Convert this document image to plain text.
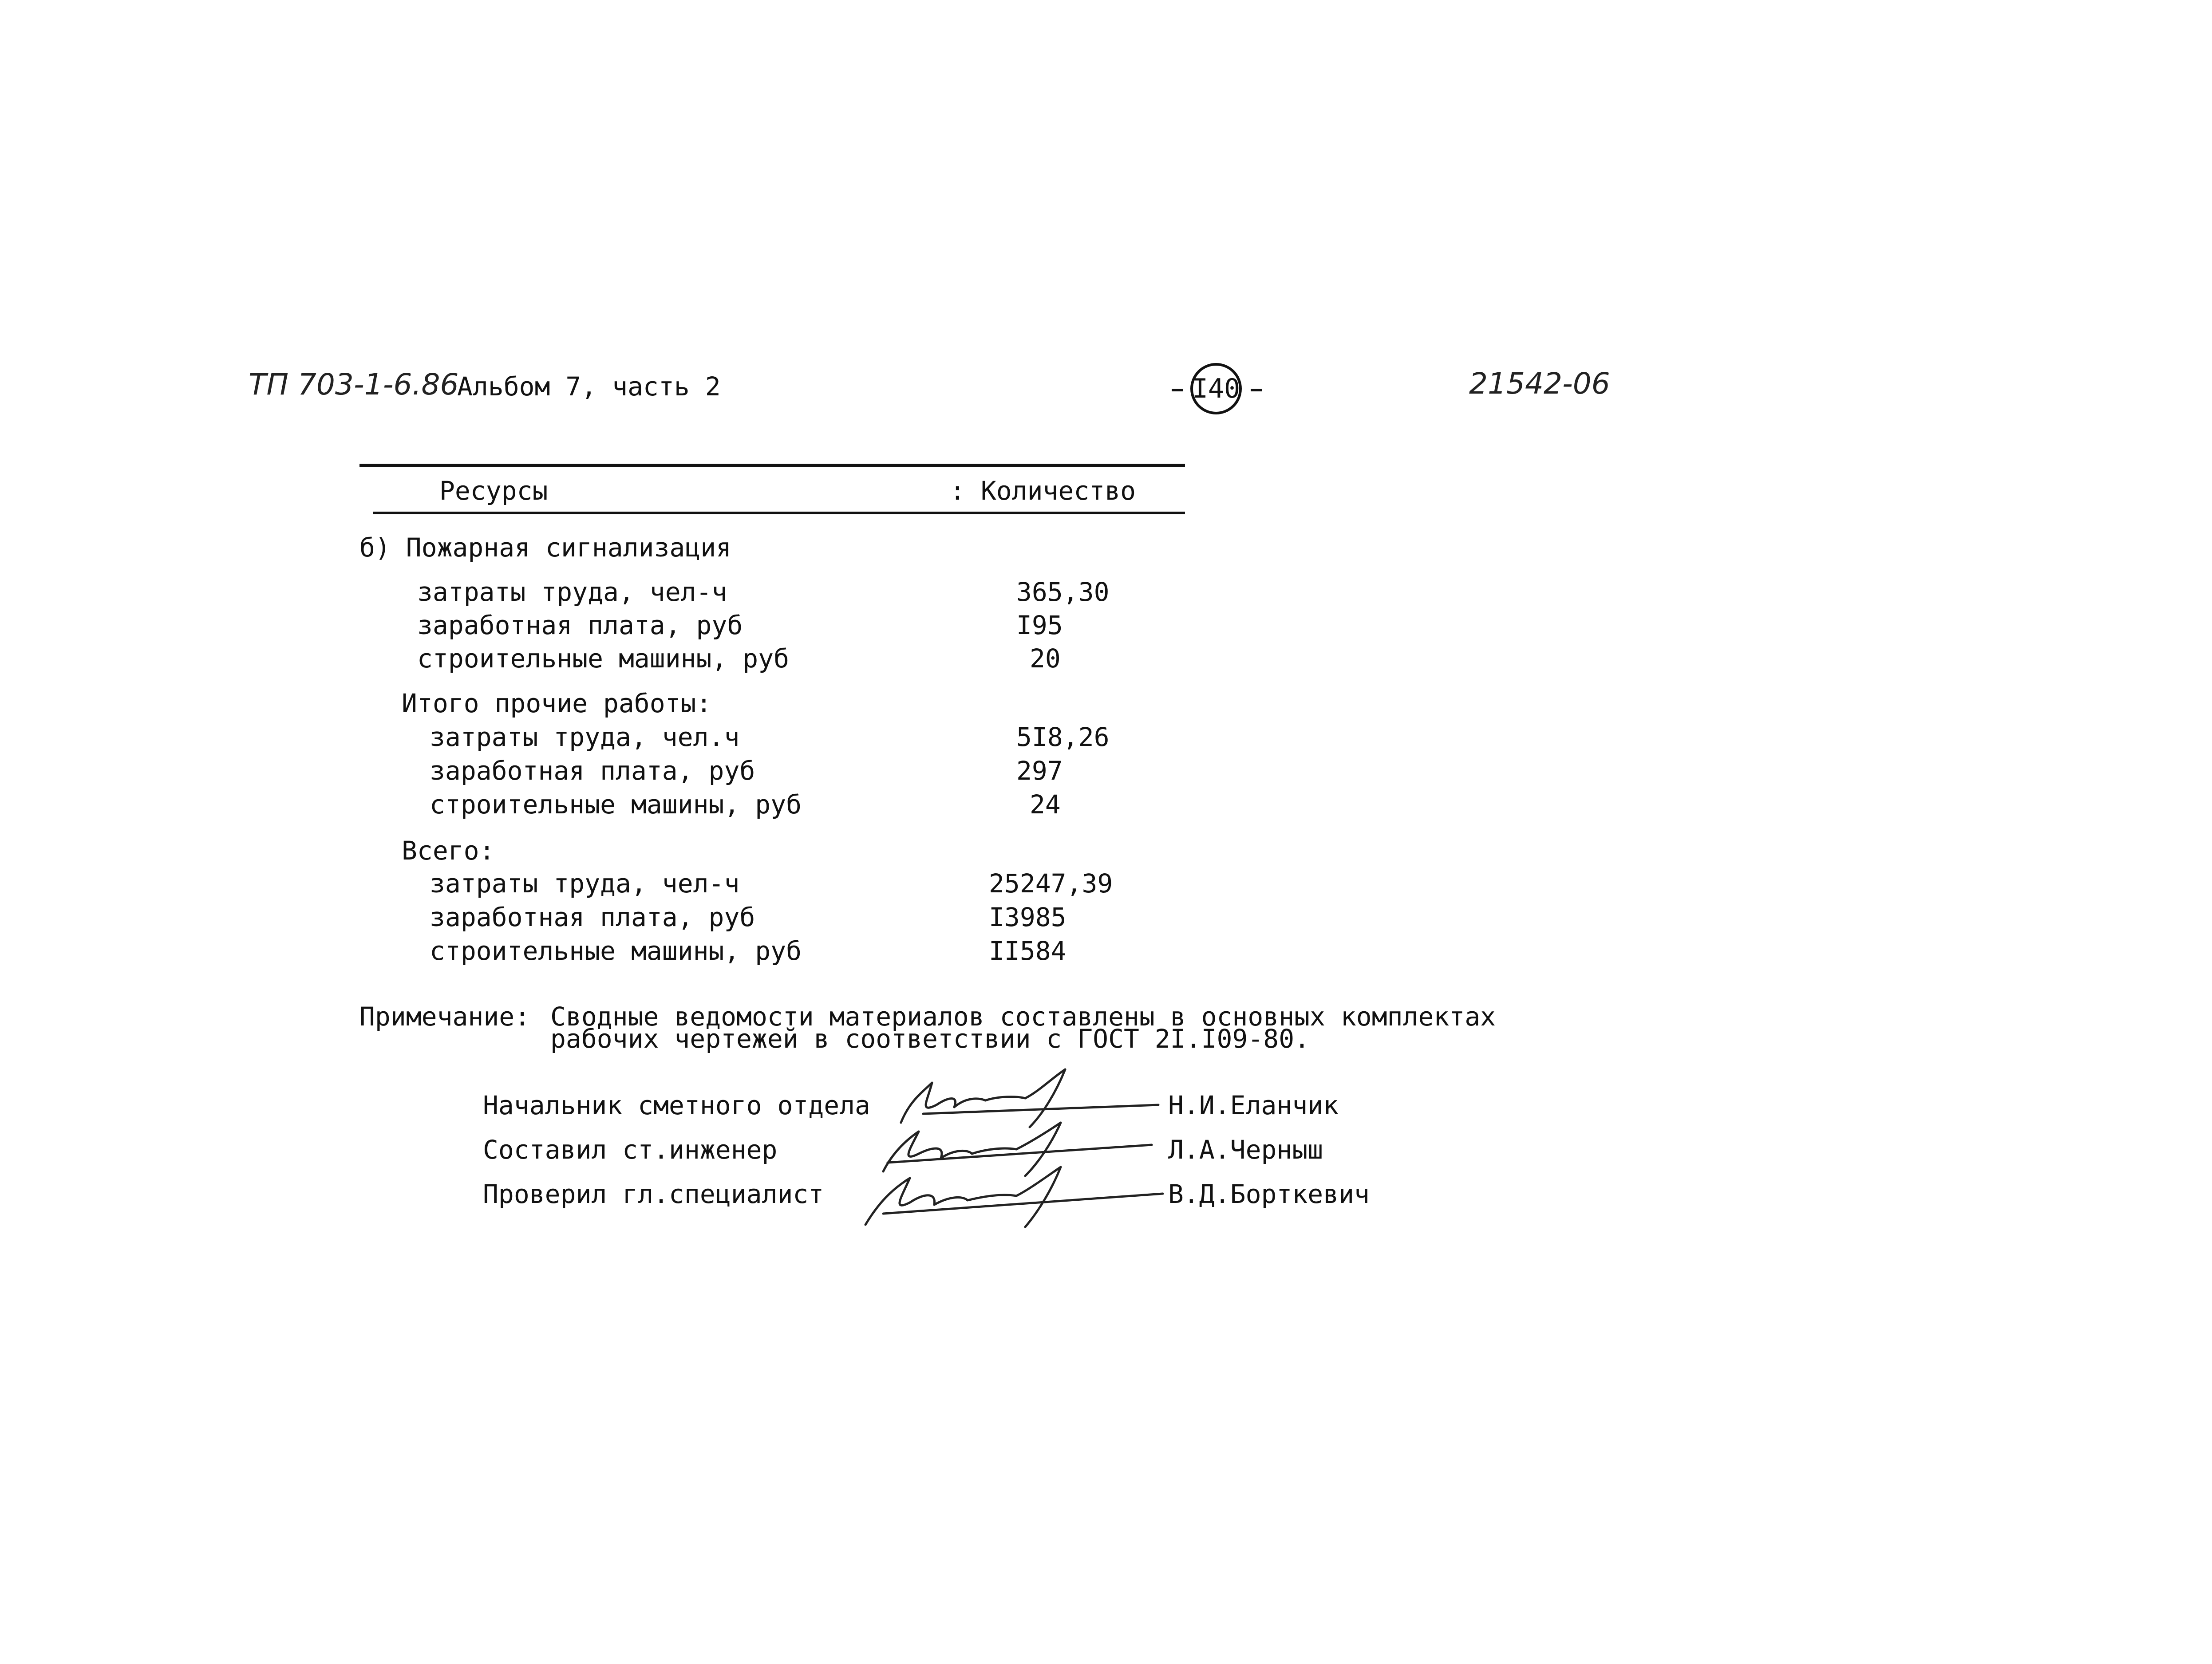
ТП 703-1-6.86
Альбом 7, часть 2	I40	21542-06
Ресурсы	: Количество
б) Пожарная сигнализация
затраты труда, чел-ч	365,30
заработная плата, руб	I95
строительные машины, руб	20
Итого прочие работы:
затраты труда, чел.ч	5I8,26
заработная плата, руб	297
строительные машины, руб	24
Всего:
затраты труда, чел-ч	25247,39
заработная плата, руб	I3985
строительные машины, руб	II584
Примечание: Сводные ведомости материалов составлены в основных комплектах
рабочих чертежей в соответствии с ГОСТ 2I.I09-80.
Начальник сметного отдела	Н.И.Еланчик
Составил ст.инженер	Л.А.Черныш
Проверил гл.специалист	В.Д.Борткевич
